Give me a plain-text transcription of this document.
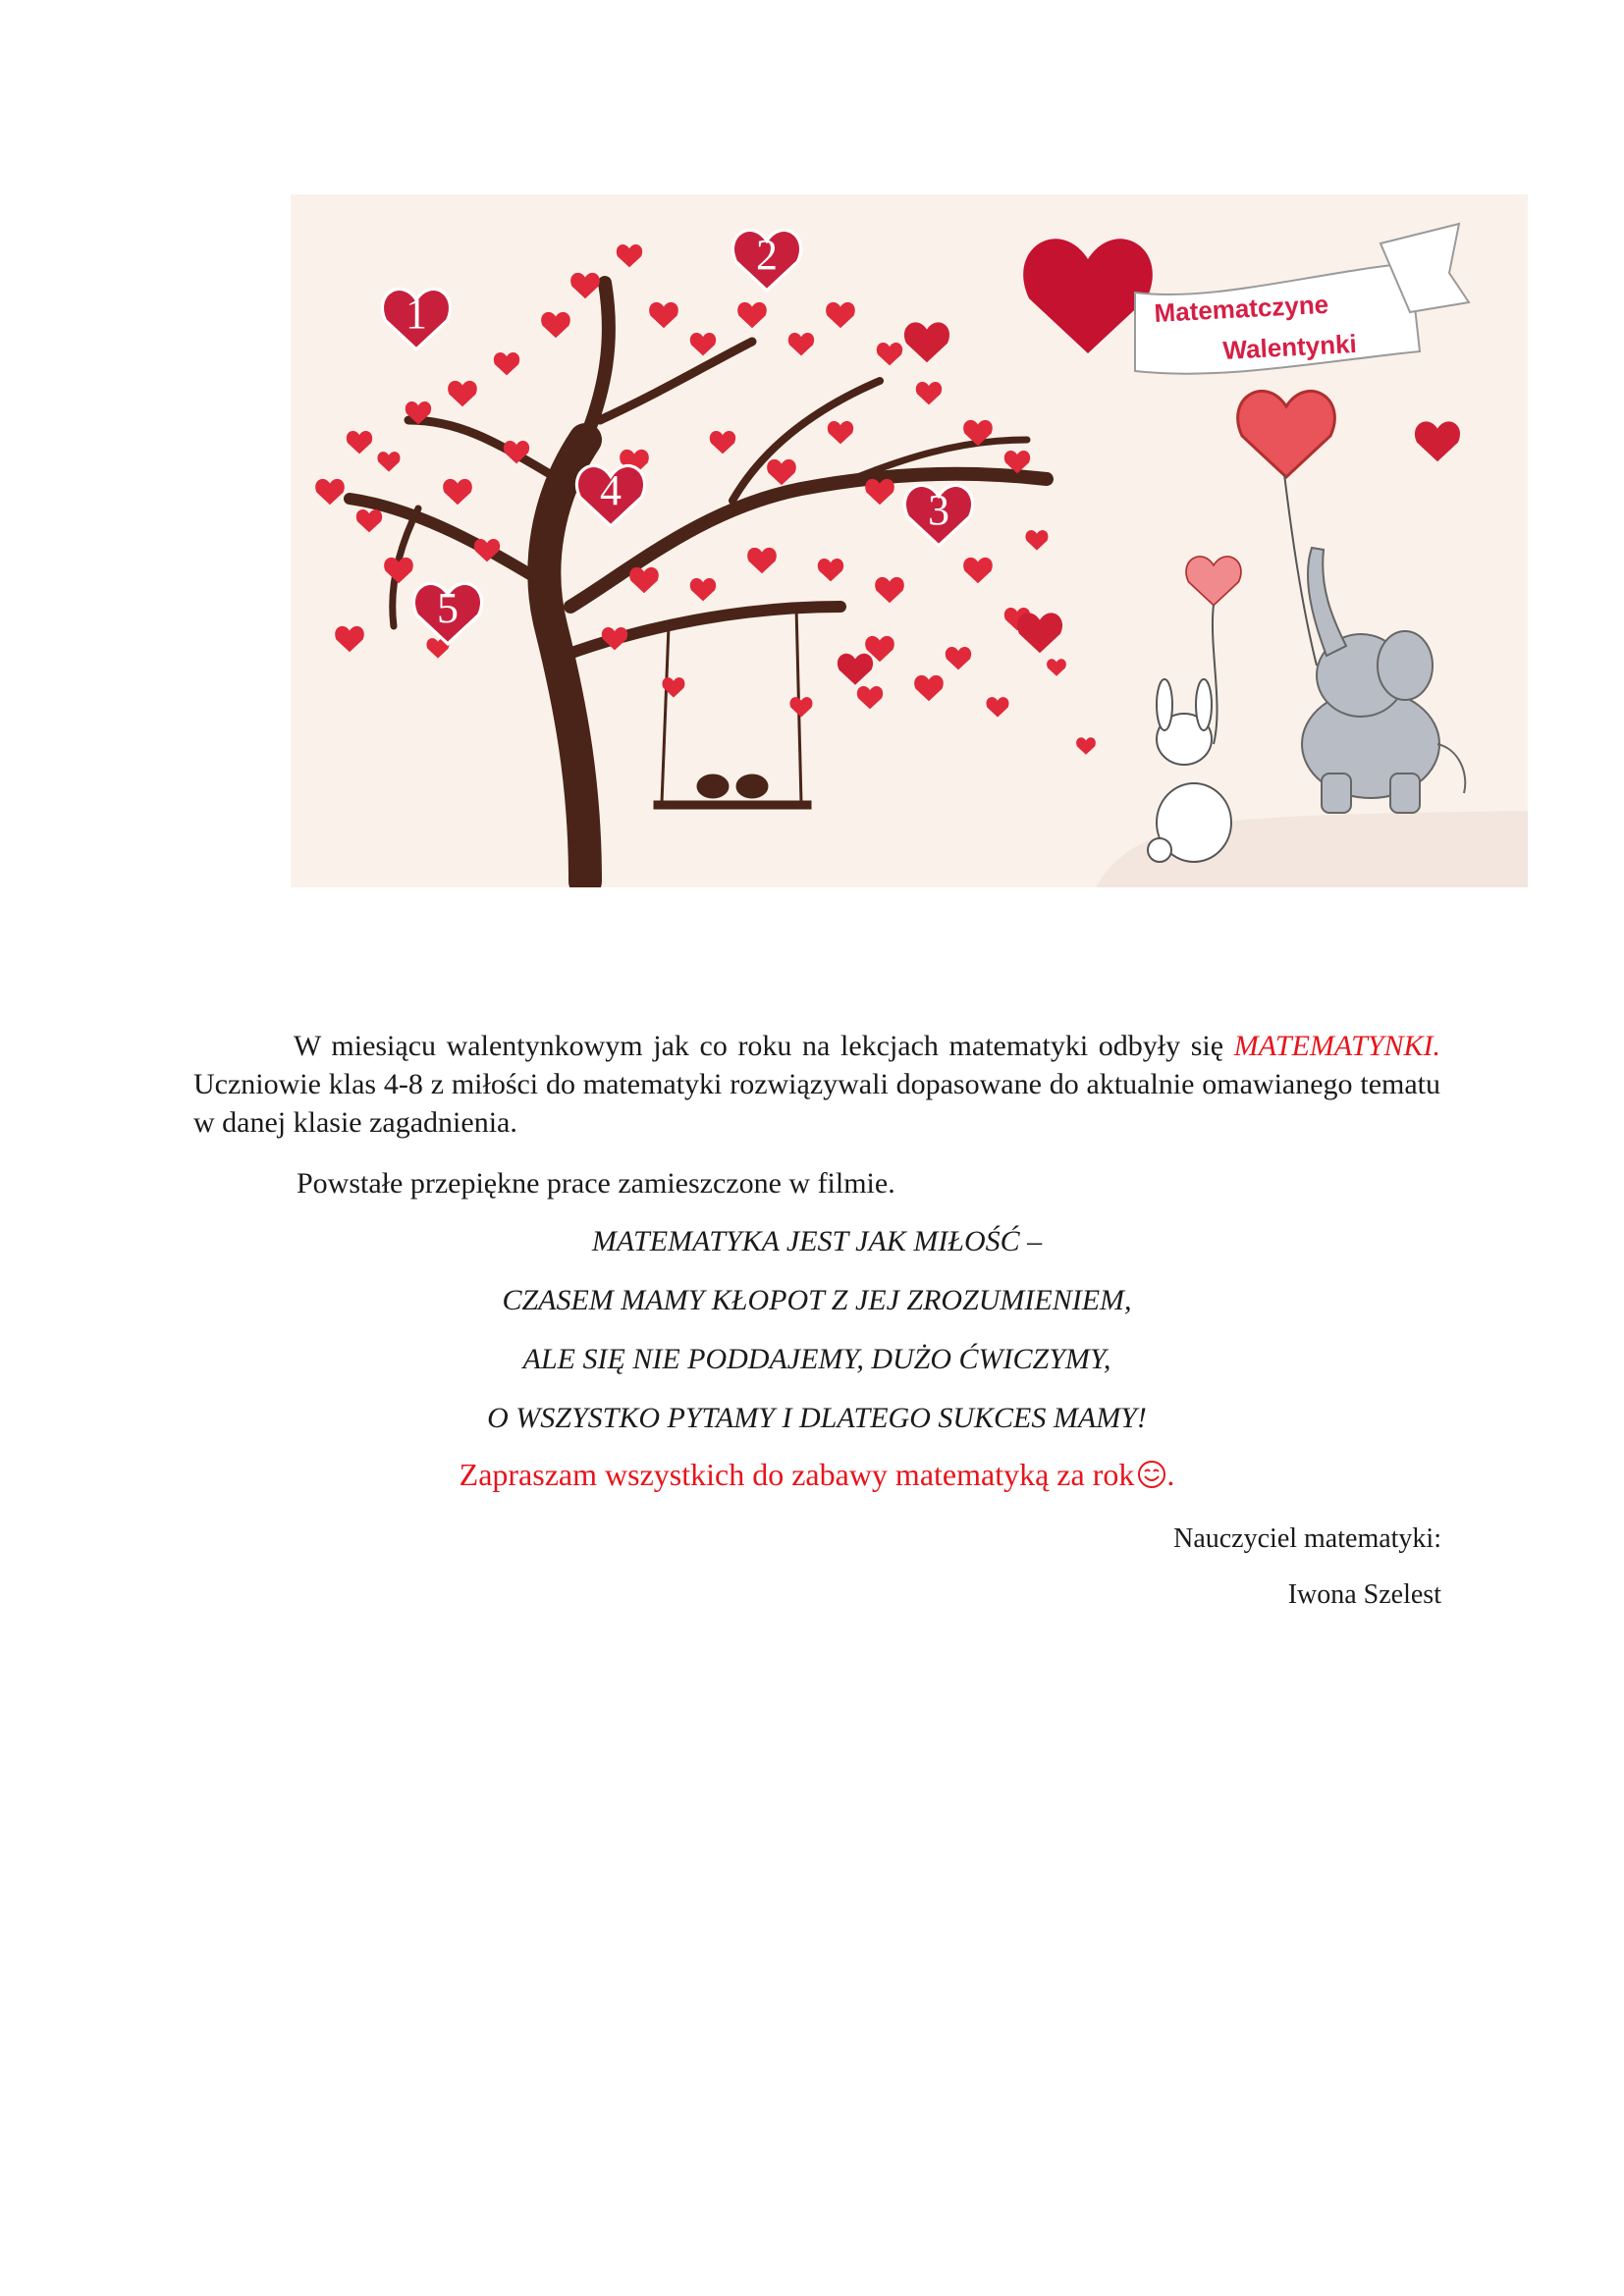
1
2
3
4
5
Matematczyne
Walentynki
W miesiącu walentynkowym jak co roku na lekcjach matematyki odbyły się MATEMATYNKI. Uczniowie klas 4-8 z miłości do matematyki rozwiązywali dopasowane do aktualnie omawianego tematu w danej klasie zagadnienia.
Powstałe przepiękne prace zamieszczone w filmie.
MATEMATYKA JEST JAK MIŁOŚĆ –
CZASEM MAMY KŁOPOT Z JEJ ZROZUMIENIEM,
ALE SIĘ NIE PODDAJEMY, DUŻO ĆWICZYMY,
O WSZYSTKO PYTAMY I DLATEGO SUKCES MAMY!
Zapraszam wszystkich do zabawy matematyką za rok .
Nauczyciel matematyki:
Iwona Szelest
